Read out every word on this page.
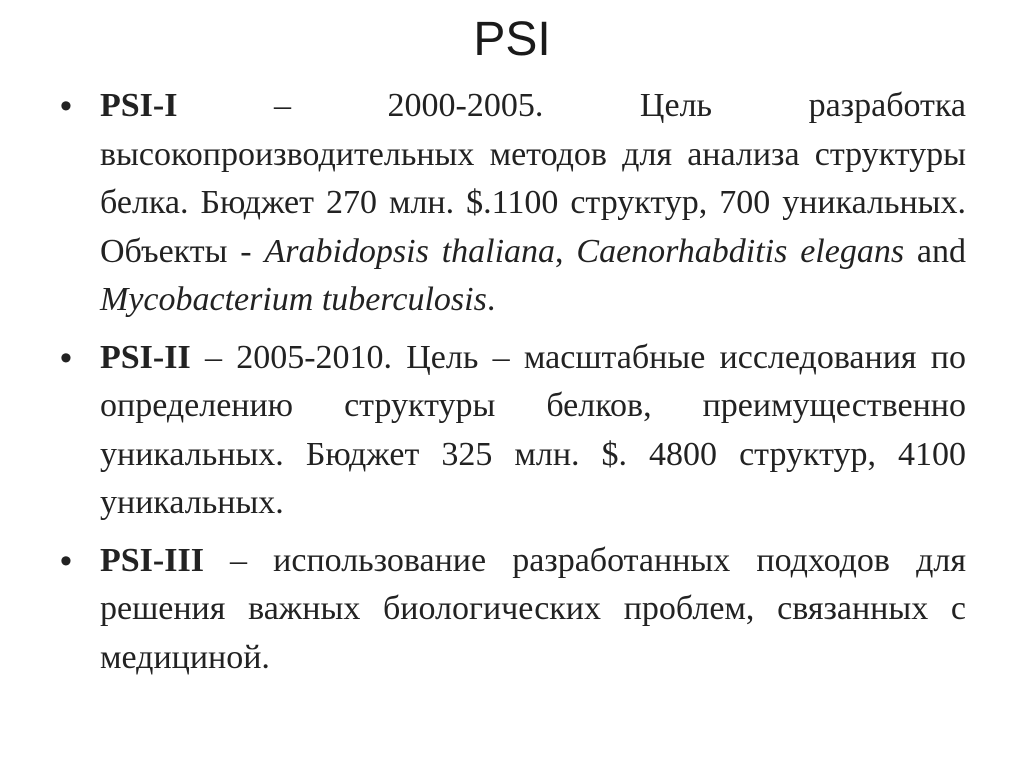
PSI
• PSI-I – 2000-2005. Цель разработка высокопроизводительных методов для анализа структуры белка. Бюджет 270 млн. $.1100 структур, 700 уникальных. Объекты - Arabidopsis thaliana, Caenorhabditis elegans and Mycobacterium tuberculosis.
• PSI-II – 2005-2010. Цель – масштабные исследования по определению структуры белков, преимущественно уникальных. Бюджет 325 млн. $. 4800 структур, 4100 уникальных.
• PSI-III – использование разработанных подходов для решения важных биологических проблем, связанных с медициной.
